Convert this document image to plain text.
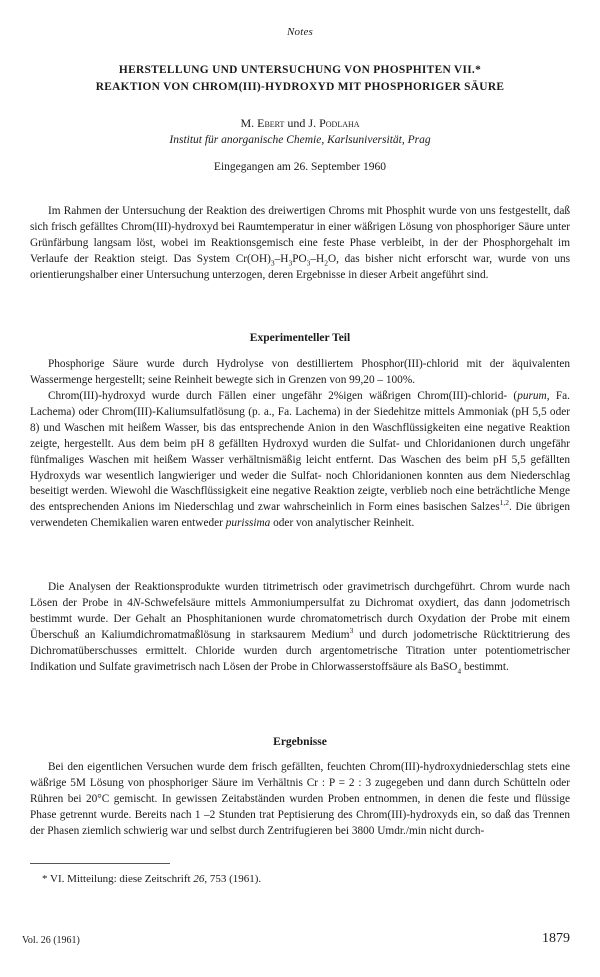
Notes
HERSTELLUNG UND UNTERSUCHUNG VON PHOSPHITEN VII.*
REAKTION VON CHROM(III)-HYDROXYD MIT PHOSPHORIGER SÄURE
M. Ebert und J. Podlaha
Institut für anorganische Chemie, Karlsuniversität, Prag
Eingegangen am 26. September 1960

Im Rahmen der Untersuchung der Reaktion des dreiwertigen Chroms mit Phosphit wurde von uns festgestellt, daß sich frisch gefälltes Chrom(III)-hydroxyd bei Raumtemperatur in einer wäßrigen Lösung von phosphoriger Säure unter Grünfärbung langsam löst, wobei im Reaktionsgemisch eine feste Phase verbleibt, in der der Phosphorgehalt im Verlaufe der Reaktion steigt. Das System $Cr(OH)_3-H_3PO_3-H_2O$, das bisher nicht erforscht war, wurde von uns orientierungshalber einer Untersuchung unterzogen, deren Ergebnisse in dieser Arbeit angeführt sind.

Experimenteller Teil

Phosphorige Säure wurde durch Hydrolyse von destilliertem Phosphor(III)-chlorid mit der äquivalenten Wassermenge hergestellt; seine Reinheit bewegte sich in Grenzen von 99,20 – 100%.

Chrom(III)-hydroxyd wurde durch Fällen einer ungefähr 2%igen wäßrigen Chrom(III)-chlorid- (purum, Fa. Lachema) oder Chrom(III)-Kaliumsulfatlösung (p. a., Fa. Lachema) in der Siedehitze mittels Ammoniak (pH 5,5 oder 8) und Waschen mit heißem Wasser, bis das entsprechende Anion in den Waschflüssigkeiten eine negative Reaktion zeigte, hergestellt. Aus dem beim pH 8 gefällten Hydroxyd wurden die Sulfat- und Chloridanionen durch ungefähr fünfmaliges Waschen mit heißem Wasser verhältnismäßig leicht entfernt. Das Waschen des beim pH 5,5 gefällten Hydroxyds war wesentlich langwieriger und weder die Sulfat- noch Chloridanionen konnten aus dem Niederschlag beseitigt werden. Wiewohl die Waschflüssigkeit eine negative Reaktion zeigte, verblieb noch eine beträchtliche Menge des entsprechenden Anions im Niederschlag und zwar wahrscheinlich in Form eines basischen Salzes$^{1,2}$. Die übrigen verwendeten Chemikalien waren entweder purissima oder von analytischer Reinheit.

Die Analysen der Reaktionsprodukte wurden titrimetrisch oder gravimetrisch durchgeführt. Chrom wurde nach Lösen der Probe in 4N-Schwefelsäure mittels Ammoniumpersulfat zu Dichromat oxydiert, das dann jodometrisch bestimmt wurde. Der Gehalt an Phosphitanionen wurde chromatometrisch durch Oxydation der Probe mit einem Überschuß an Kaliumdichromatmaßlösung in starksaurem Medium$^3$ und durch jodometrische Rücktitrierung des Dichromatüberschusses ermittelt. Chloride wurden durch argentometrische Titration unter potentiometrischer Indikation und Sulfate gravimetrisch nach Lösen der Probe in Chlorwasserstoffsäure als BaSO$_4$ bestimmt.

Ergebnisse

Bei den eigentlichen Versuchen wurde dem frisch gefällten, feuchten Chrom(III)-hydroxydniederschlag stets eine wäßrige 5M Lösung von phosphoriger Säure im Verhältnis Cr : P = 2 : 3 zugegeben und dann durch Schütteln oder Rühren bei 20°C gemischt. In gewissen Zeitabständen wurden Proben entnommen, in denen die feste und flüssige Phase getrennt wurde. Bereits nach 1 –2 Stunden trat Peptisierung des Chrom(III)-hydroxyds ein, so daß das Trennen der Phasen ziemlich schwierig war und selbst durch Zentrifugieren bei 3800 Umdr./min nicht durch-

* VI. Mitteilung: diese Zeitschrift 26, 753 (1961).
Vol. 26 (1961)	1879
